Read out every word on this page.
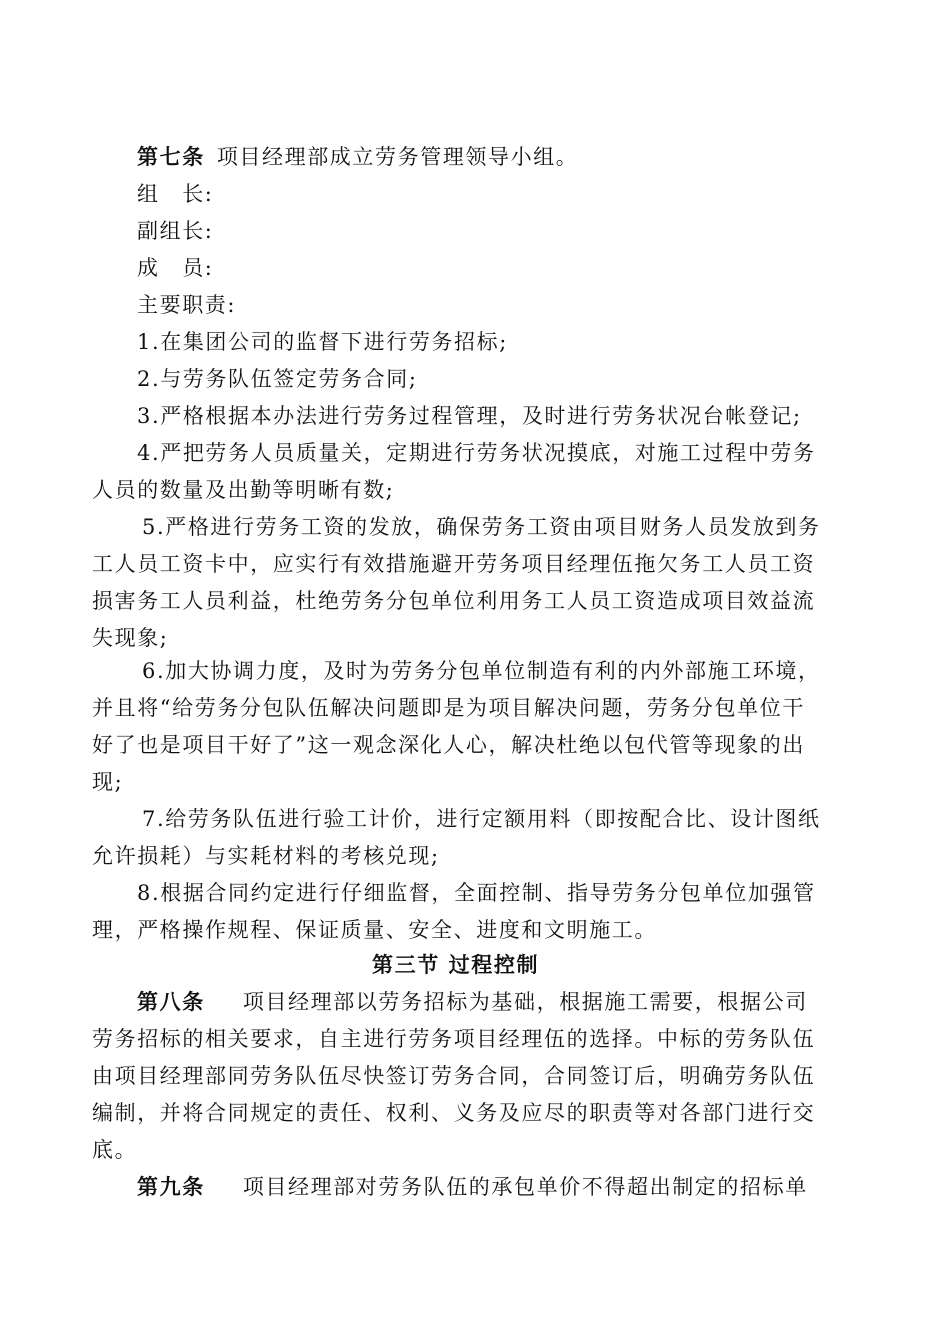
第七条 项目经理部成立劳务管理领导小组。

组　长:

副组长:

成　员:

主要职责:

1.在集团公司的监督下进行劳务招标;

2.与劳务队伍签定劳务合同;

3.严格根据本办法进行劳务过程管理，及时进行劳务状况台帐登记;

4.严把劳务人员质量关，定期进行劳务状况摸底，对施工过程中劳务

人员的数量及出勤等明晰有数;

5.严格进行劳务工资的发放，确保劳务工资由项目财务人员发放到务

工人员工资卡中，应实行有效措施避开劳务项目经理伍拖欠务工人员工资

损害务工人员利益，杜绝劳务分包单位利用务工人员工资造成项目效益流

失现象;

6.加大协调力度，及时为劳务分包单位制造有利的内外部施工环境，

并且将“给劳务分包队伍解决问题即是为项目解决问题，劳务分包单位干

好了也是项目干好了”这一观念深化人心，解决杜绝以包代管等现象的出

现;

7.给劳务队伍进行验工计价，进行定额用料（即按配合比、设计图纸

允许损耗）与实耗材料的考核兑现;

8.根据合同约定进行仔细监督，全面控制、指导劳务分包单位加强管

理，严格操作规程、保证质量、安全、进度和文明施工。

第三节 过程控制

第八条 项目经理部以劳务招标为基础，根据施工需要，根据公司

劳务招标的相关要求，自主进行劳务项目经理伍的选择。中标的劳务队伍

由项目经理部同劳务队伍尽快签订劳务合同，合同签订后，明确劳务队伍

编制，并将合同规定的责任、权利、义务及应尽的职责等对各部门进行交

底。

第九条 项目经理部对劳务队伍的承包单价不得超出制定的招标单
